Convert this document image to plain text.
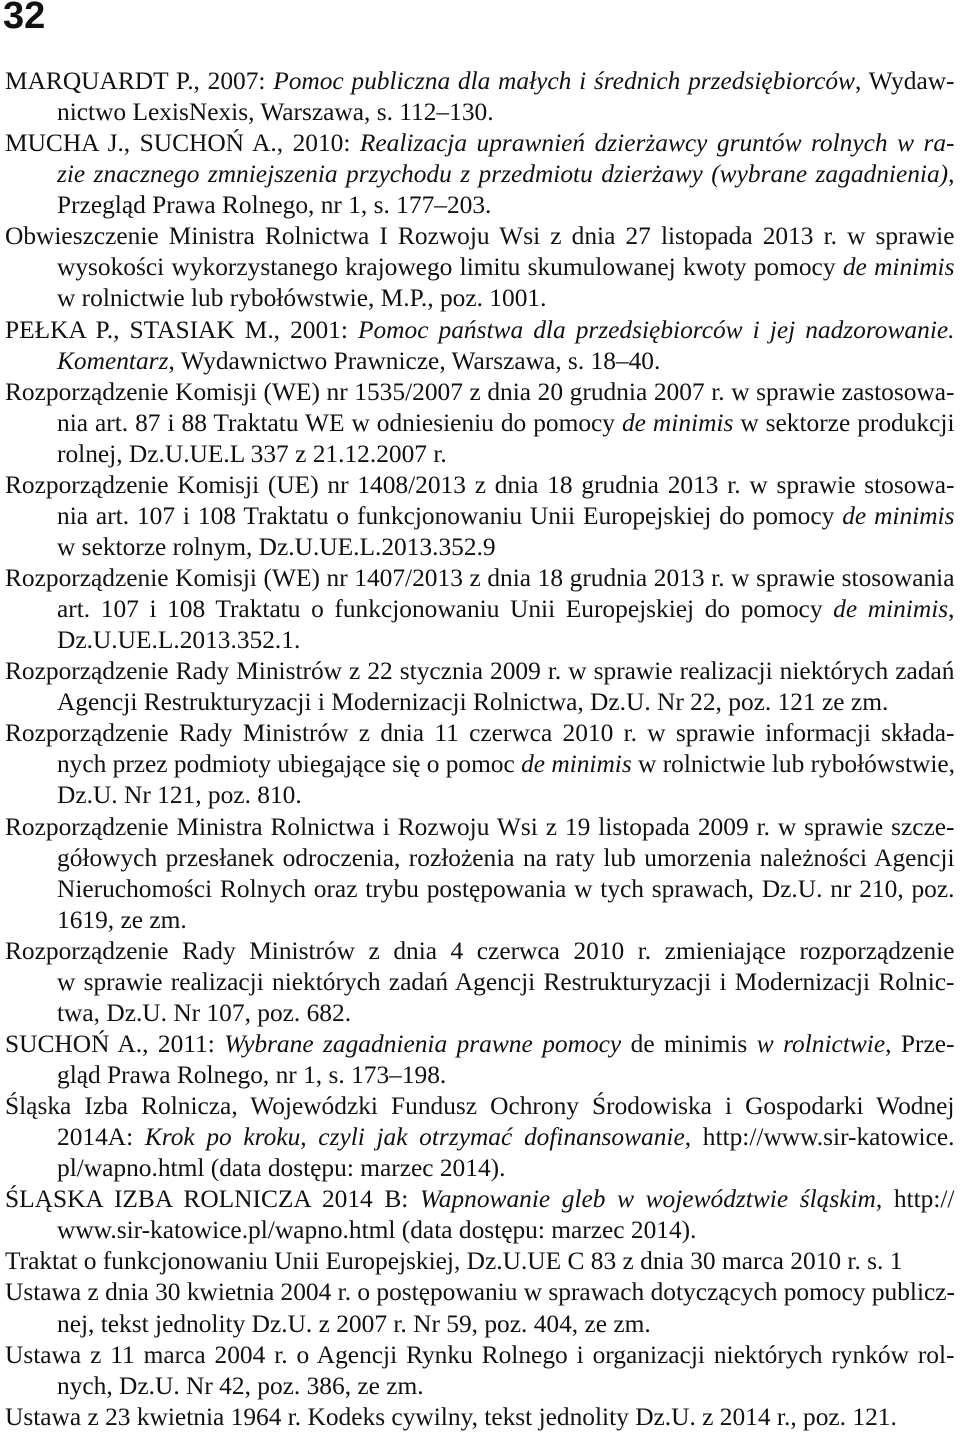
32
MARQUARDT P., 2007: Pomoc publiczna dla małych i średnich przedsiębiorców, Wydaw-
nictwo LexisNexis, Warszawa, s. 112–130.
MUCHA J., SUCHOŃ A., 2010: Realizacja uprawnień dzierżawcy gruntów rolnych w ra-
zie znacznego zmniejszenia przychodu z przedmiotu dzierżawy (wybrane zagadnienia),
Przegląd Prawa Rolnego, nr 1, s. 177–203.
Obwieszczenie Ministra Rolnictwa I Rozwoju Wsi z dnia 27 listopada 2013 r. w sprawie
wysokości wykorzystanego krajowego limitu skumulowanej kwoty pomocy de minimis
w rolnictwie lub rybołówstwie, M.P., poz. 1001.
PEŁKA P., STASIAK M., 2001: Pomoc państwa dla przedsiębiorców i jej nadzorowanie.
Komentarz, Wydawnictwo Prawnicze, Warszawa, s. 18–40.
Rozporządzenie Komisji (WE) nr 1535/2007 z dnia 20 grudnia 2007 r. w sprawie zastosowa-
nia art. 87 i 88 Traktatu WE w odniesieniu do pomocy de minimis w sektorze produkcji
rolnej, Dz.U.UE.L 337 z 21.12.2007 r.
Rozporządzenie Komisji (UE) nr 1408/2013 z dnia 18 grudnia 2013 r. w sprawie stosowa-
nia art. 107 i 108 Traktatu o funkcjonowaniu Unii Europejskiej do pomocy de minimis
w sektorze rolnym, Dz.U.UE.L.2013.352.9
Rozporządzenie Komisji (WE) nr 1407/2013 z dnia 18 grudnia 2013 r. w sprawie stosowania
art. 107 i 108 Traktatu o funkcjonowaniu Unii Europejskiej do pomocy de minimis,
Dz.U.UE.L.2013.352.1.
Rozporządzenie Rady Ministrów z 22 stycznia 2009 r. w sprawie realizacji niektórych zadań
Agencji Restrukturyzacji i Modernizacji Rolnictwa, Dz.U. Nr 22, poz. 121 ze zm.
Rozporządzenie Rady Ministrów z dnia 11 czerwca 2010 r. w sprawie informacji składa-
nych przez podmioty ubiegające się o pomoc de minimis w rolnictwie lub rybołówstwie,
Dz.U. Nr 121, poz. 810.
Rozporządzenie Ministra Rolnictwa i Rozwoju Wsi z 19 listopada 2009 r. w sprawie szcze-
gółowych przesłanek odroczenia, rozłożenia na raty lub umorzenia należności Agencji
Nieruchomości Rolnych oraz trybu postępowania w tych sprawach, Dz.U. nr 210, poz.
1619, ze zm.
Rozporządzenie Rady Ministrów z dnia 4 czerwca 2010 r. zmieniające rozporządzenie
w sprawie realizacji niektórych zadań Agencji Restrukturyzacji i Modernizacji Rolnic-
twa, Dz.U. Nr 107, poz. 682.
SUCHOŃ A., 2011: Wybrane zagadnienia prawne pomocy de minimis w rolnictwie, Prze-
gląd Prawa Rolnego, nr 1, s. 173–198.
Śląska Izba Rolnicza, Wojewódzki Fundusz Ochrony Środowiska i Gospodarki Wodnej
2014A: Krok po kroku, czyli jak otrzymać dofinansowanie, http://www.sir-katowice.
pl/wapno.html (data dostępu: marzec 2014).
ŚLĄSKA IZBA ROLNICZA 2014 B: Wapnowanie gleb w województwie śląskim, http://
www.sir-katowice.pl/wapno.html (data dostępu: marzec 2014).
Traktat o funkcjonowaniu Unii Europejskiej, Dz.U.UE C 83 z dnia 30 marca 2010 r. s. 1
Ustawa z dnia 30 kwietnia 2004 r. o postępowaniu w sprawach dotyczących pomocy publicz-
nej, tekst jednolity Dz.U. z 2007 r. Nr 59, poz. 404, ze zm.
Ustawa z 11 marca 2004 r. o Agencji Rynku Rolnego i organizacji niektórych rynków rol-
nych, Dz.U. Nr 42, poz. 386, ze zm.
Ustawa z 23 kwietnia 1964 r. Kodeks cywilny, tekst jednolity Dz.U. z 2014 r., poz. 121.
